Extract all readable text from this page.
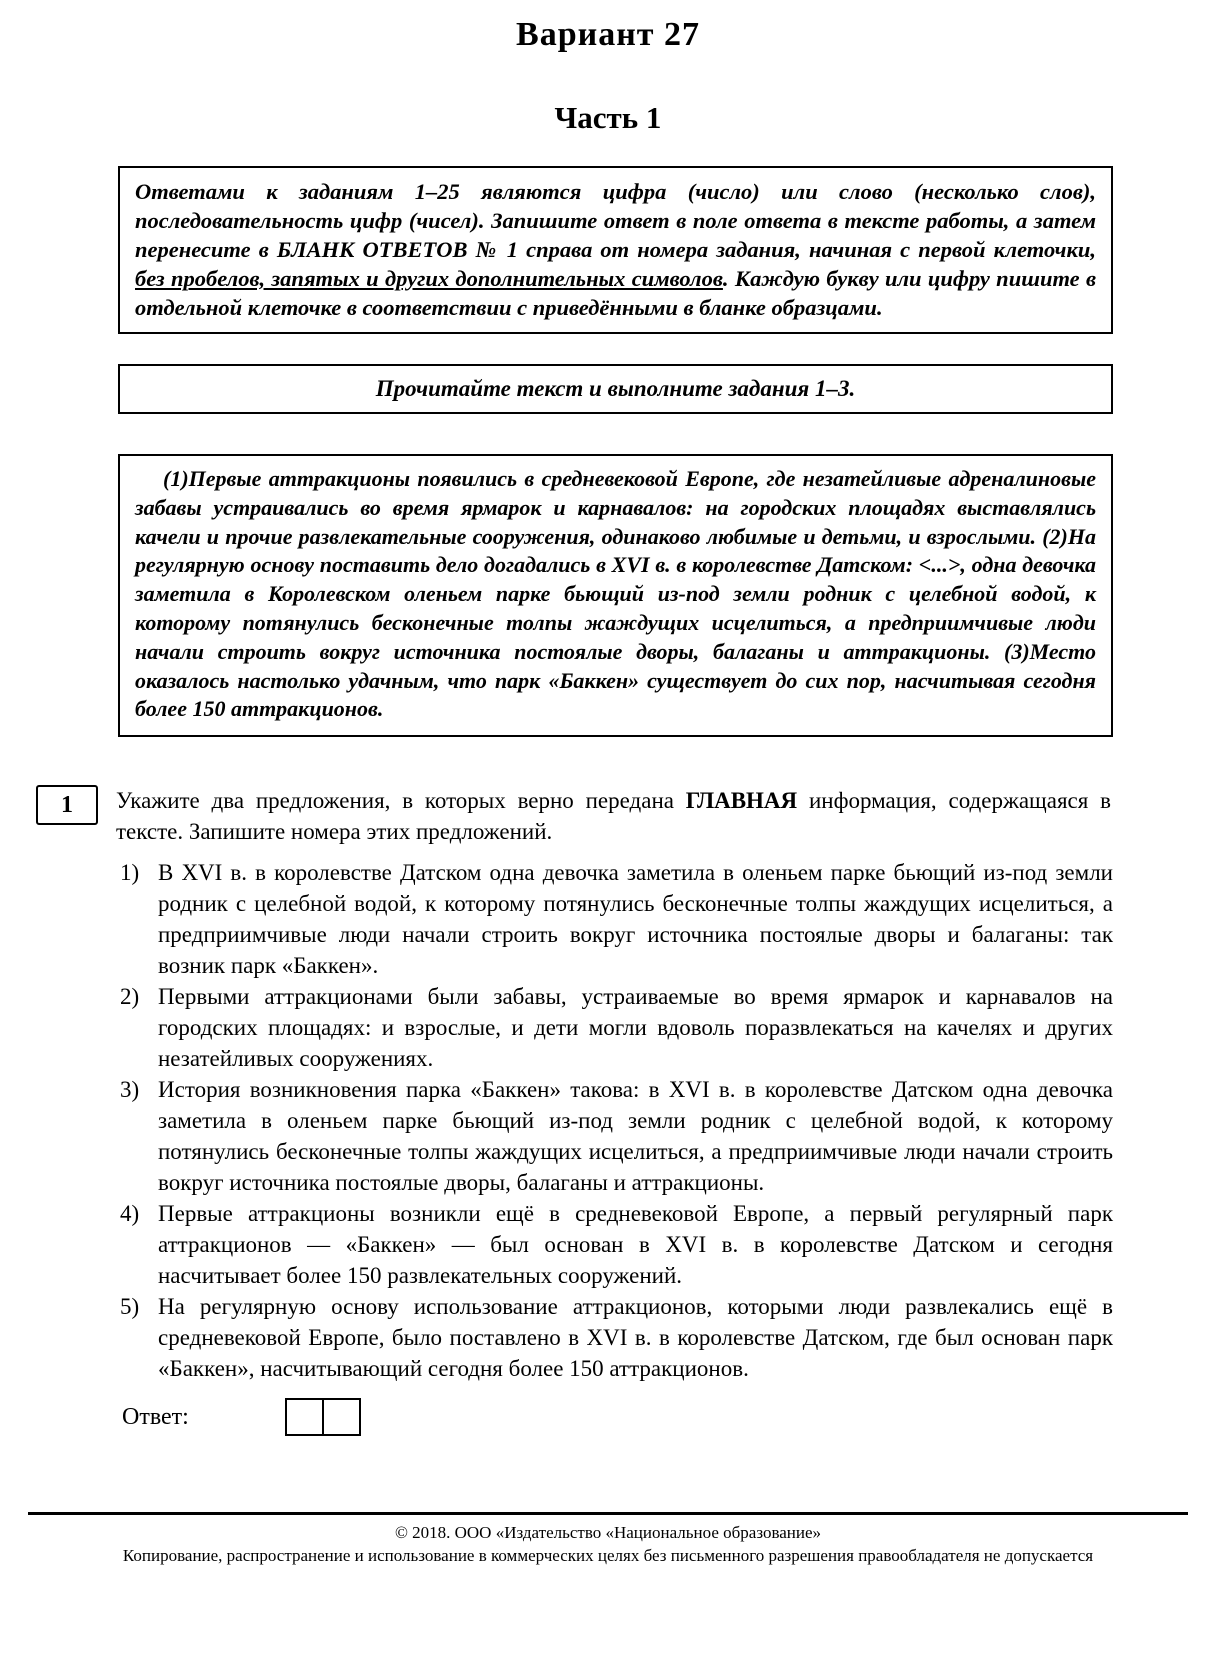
Вариант 27
Часть 1
Ответами к заданиям 1–25 являются цифра (число) или слово (несколько слов), последовательность цифр (чисел). Запишите ответ в поле ответа в тексте работы, а затем перенесите в БЛАНК ОТВЕТОВ № 1 справа от номера задания, начиная с первой клеточки, без пробелов, запятых и других дополнительных символов. Каждую букву или цифру пишите в отдельной клеточке в соответствии с приведёнными в бланке образцами.
Прочитайте текст и выполните задания 1–3.
(1)Первые аттракционы появились в средневековой Европе, где незатейливые адреналиновые забавы устраивались во время ярмарок и карнавалов: на городских площадях выставлялись качели и прочие развлекательные сооружения, одинаково любимые и детьми, и взрослыми. (2)На регулярную основу поставить дело догадались в XVI в. в королевстве Датском: <...>, одна девочка заметила в Королевском оленьем парке бьющий из-под земли родник с целебной водой, к которому потянулись бесконечные толпы жаждущих исцелиться, а предприимчивые люди начали строить вокруг источника постоялые дворы, балаганы и аттракционы. (3)Место оказалось настолько удачным, что парк «Баккен» существует до сих пор, насчитывая сегодня более 150 аттракционов.
1	Укажите два предложения, в которых верно передана ГЛАВНАЯ информация, содержащаяся в тексте. Запишите номера этих предложений.
1) В XVI в. в королевстве Датском одна девочка заметила в оленьем парке бьющий из-под земли родник с целебной водой, к которому потянулись бесконечные толпы жаждущих исцелиться, а предприимчивые люди начали строить вокруг источника постоялые дворы и балаганы: так возник парк «Баккен».
2) Первыми аттракционами были забавы, устраиваемые во время ярмарок и карнавалов на городских площадях: и взрослые, и дети могли вдоволь поразвлекаться на качелях и других незатейливых сооружениях.
3) История возникновения парка «Баккен» такова: в XVI в. в королевстве Датском одна девочка заметила в оленьем парке бьющий из-под земли родник с целебной водой, к которому потянулись бесконечные толпы жаждущих исцелиться, а предприимчивые люди начали строить вокруг источника постоялые дворы, балаганы и аттракционы.
4) Первые аттракционы возникли ещё в средневековой Европе, а первый регулярный парк аттракционов — «Баккен» — был основан в XVI в. в королевстве Датском и сегодня насчитывает более 150 развлекательных сооружений.
5) На регулярную основу использование аттракционов, которыми люди развлекались ещё в средневековой Европе, было поставлено в XVI в. в королевстве Датском, где был основан парк «Баккен», насчитывающий сегодня более 150 аттракционов.
Ответ:
© 2018. ООО «Издательство «Национальное образование»
Копирование, распространение и использование в коммерческих целях без письменного разрешения правообладателя не допускается
